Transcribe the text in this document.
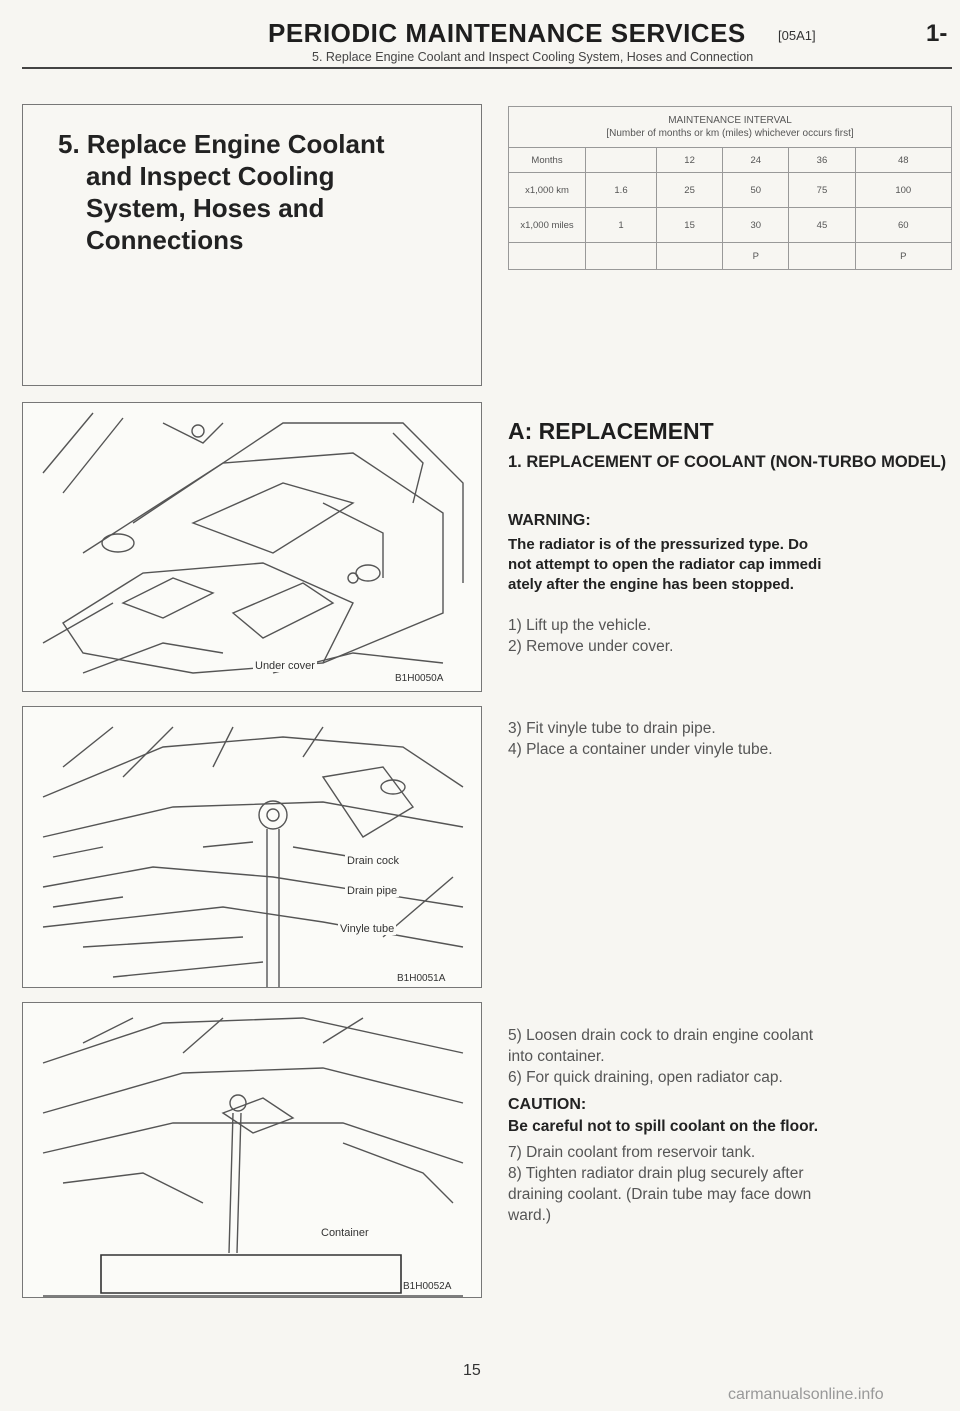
PERIODIC MAINTENANCE SERVICES [05A1]	1-
5. Replace Engine Coolant and Inspect Cooling System, Hoses and Connection
5. Replace Engine Coolant
and Inspect Cooling
System, Hoses and
Connections
MAINTENANCE INTERVAL
[Number of months or km (miles) whichever occurs first]					
Months		12	24	36	48
x1,000 km	1.6	25	50	75	100
x1,000 miles	1	15	30	45	60
			P		P
Under cover
B1H0050A
Drain cock
Drain pipe
Vinyle tube
B1H0051A
Container
B1H0052A
A: REPLACEMENT
1. REPLACEMENT OF COOLANT (NON-TURBO MODEL)
WARNING:
The radiator is of the pressurized type. Do
not attempt to open the radiator cap immedi
ately after the engine has been stopped.
1) Lift up the vehicle.
2) Remove under cover.
3) Fit vinyle tube to drain pipe.
4) Place a container under vinyle tube.
5) Loosen drain cock to drain engine coolant
into container.
6) For quick draining, open radiator cap.
CAUTION:
Be careful not to spill coolant on the floor.
7) Drain coolant from reservoir tank.
8) Tighten radiator drain plug securely after
draining coolant. (Drain tube may face down
ward.)
15
carmanualsonline.info
